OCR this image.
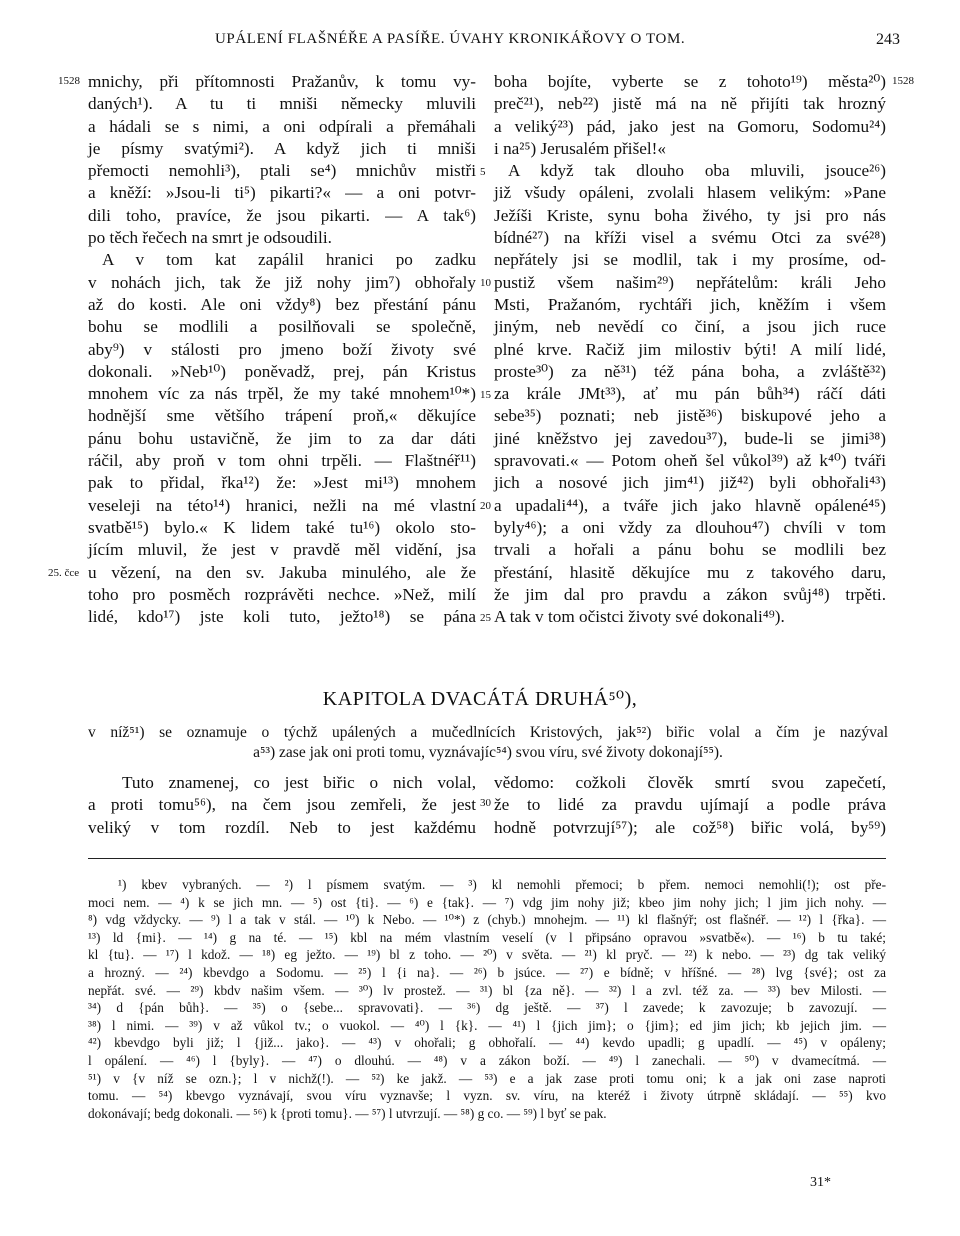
UPÁLENÍ FLAŠNÉŘE A PASÍŘE. ÚVAHY KRONIKÁŘOVY O TOM.	243
1528	1528
25. čce
5
10
15
20
25
30
mnichy, při přítomnosti Pražanův, k tomu vy-
daných¹). A tu ti mniši německy mluvili
a hádali se s nimi, a oni odpírali a přemáhali
je písmy svatými²). A když jich ti mniši
přemocti nemohli³), ptali se⁴) mnichův mistři
a kněží: »Jsou-li ti⁵) pikarti?« — a oni potvr-
dili toho, pravíce, že jsou pikarti. — A tak⁶)
po těch řečech na smrt je odsoudili.
A v tom kat zapálil hranici po zadku
v nohách jich, tak že již nohy jim⁷) obhořaly
až do kosti. Ale oni vždy⁸) bez přestání pánu
bohu se modlili a posilňovali se společně,
aby⁹) v stálosti pro jmeno boží životy své
dokonali. »Neb¹⁰) poněvadž, prej, pán Kristus
mnohem víc za nás trpěl, že my také mnohem¹⁰*)
hodnější sme většího trápení proň,« děkujíce
pánu bohu ustavičně, že jim to za dar dáti
ráčil, aby proň v tom ohni trpěli. — Flaštnéř¹¹)
pak to přidal, řka¹²) že: »Jest mi¹³) mnohem
veseleji na této¹⁴) hranici, nežli na mé vlastní
svatbě¹⁵) bylo.« K lidem také tu¹⁶) okolo sto-
jícím mluvil, že jest v pravdě měl vidění, jsa
u vězení, na den sv. Jakuba minulého, ale že
toho pro posměch rozprávěti nechce. »Než, milí
lidé, kdo¹⁷) jste koli tuto, ježto¹⁸) se pána
boha bojíte, vyberte se z tohoto¹⁹) města²⁰)
preč²¹), neb²²) jistě má na ně přijíti tak hrozný
a veliký²³) pád, jako jest na Gomoru, Sodomu²⁴)
i na²⁵) Jerusalém přišel!«
A když tak dlouho oba mluvili, jsouce²⁶)
již všudy opáleni, zvolali hlasem velikým: »Pane
Ježíši Kriste, synu boha živého, ty jsi pro nás
bídné²⁷) na kříži visel a svému Otci za své²⁸)
nepřátely jsi se modlil, tak i my prosíme, od-
pustiž všem našim²⁹) nepřátelům: králi Jeho
Msti, Pražanóm, rychtáři jich, kněžím i všem
jiným, neb nevědí co činí, a jsou jich ruce
plné krve. Račiž jim milostiv býti! A milí lidé,
proste³⁰) za ně³¹) též pána boha, a zvláště³²)
za krále JMt³³), ať mu pán bůh³⁴) ráčí dáti
sebe³⁵) poznati; neb jistě³⁶) biskupové jeho a
jiné kněžstvo jej zavedou³⁷), bude-li se jimi³⁸)
spravovati.« — Potom oheň šel vůkol³⁹) až k⁴⁰) tváři
jich a nosové jich jim⁴¹) již⁴²) byli obhořali⁴³)
a upadali⁴⁴), a tváře jich jako hlavně opálené⁴⁵)
byly⁴⁶); a oni vždy za dlouhou⁴⁷) chvíli v tom
trvali a hořali a pánu bohu se modlili bez
přestání, hlasitě děkujíce mu z takového daru,
že jim dal pro pravdu a zákon svůj⁴⁸) trpěti.
A tak v tom očistci životy své dokonali⁴⁹).
KAPITOLA DVACÁTÁ DRUHÁ⁵⁰),
v níž⁵¹) se oznamuje o týchž upálených a mučedlnících Kristových, jak⁵²) biřic volal a čím je nazýval
a⁵³) zase jak oni proti tomu, vyznávajíc⁵⁴) svou víru, své životy dokonají⁵⁵).
Tuto znamenej, co jest biřic o nich volal,
a proti tomu⁵⁶), na čem jsou zemřeli, že jest
veliký v tom rozdíl. Neb to jest každému
vědomo: cožkoli člověk smrtí svou zapečetí,
že to lidé za pravdu ujímají a podle práva
hodně potvrzují⁵⁷); ale což⁵⁸) biřic volá, by⁵⁹)
¹) kbev vybraných. — ²) l písmem svatým. — ³) kl nemohli přemoci; b přem. nemoci nemohli(!); ost pře-
moci nem. — ⁴) k se jich mn. — ⁵) ost {ti}. — ⁶) e {tak}. — ⁷) vdg jim nohy již; kbeo jim nohy jich; l jim jich nohy. —
⁸) vdg vždycky. — ⁹) l a tak v stál. — ¹⁰) k Nebo. — ¹⁰*) z (chyb.) mnohejm. — ¹¹) kl flašnýř; ost flašnéř. — ¹²) l {řka}. —
¹³) ld {mi}. — ¹⁴) g na té. — ¹⁵) kbl na mém vlastním veselí (v l připsáno opravou »svatbě«). — ¹⁶) b tu také;
kl {tu}. — ¹⁷) l kdož. — ¹⁸) eg ježto. — ¹⁹) bl z toho. — ²⁰) v světa. — ²¹) kl pryč. — ²²) k nebo. — ²³) dg tak veliký
a hrozný. — ²⁴) kbevdgo a Sodomu. — ²⁵) l {i na}. — ²⁶) b jsúce. — ²⁷) e bídně; v hříšné. — ²⁸) lvg {své}; ost za
nepřát. své. — ²⁹) kbdv našim všem. — ³⁰) lv prostež. — ³¹) bl {za ně}. — ³²) l a zvl. též za. — ³³) bev Milosti. —
³⁴) d {pán bůh}. — ³⁵) o {sebe... spravovati}. — ³⁶) dg ještě. — ³⁷) l zavede; k zavozuje; b zavozují. —
³⁸) l nimi. — ³⁹) v až vůkol tv.; o vuokol. — ⁴⁰) l {k}. — ⁴¹) l {jich jim}; o {jim}; ed jim jich; kb jejich jim. —
⁴²) kbevdgo byli již; l {již... jako}. — ⁴³) v ohořali; g obhořalí. — ⁴⁴) kevdo upadli; g upadlí. — ⁴⁵) v opáleny;
l opálení. — ⁴⁶) l {byly}. — ⁴⁷) o dlouhú. — ⁴⁸) v a zákon boží. — ⁴⁹) l zanechali. — ⁵⁰) v dvamecítmá. —
⁵¹) v {v níž se ozn.}; l v nichž(!). — ⁵²) ke jakž. — ⁵³) e a jak zase proti tomu oni; k a jak oni zase naproti
tomu. — ⁵⁴) kbevgo vyznávají, svou víru vyznavše; l vyzn. sv. víru, na kteréž i životy útrpně skládají. — ⁵⁵) kvo
dokonávají; bedg dokonali. — ⁵⁶) k {proti tomu}. — ⁵⁷) l utvrzují. — ⁵⁸) g co. — ⁵⁹) l byť se pak.
31*
